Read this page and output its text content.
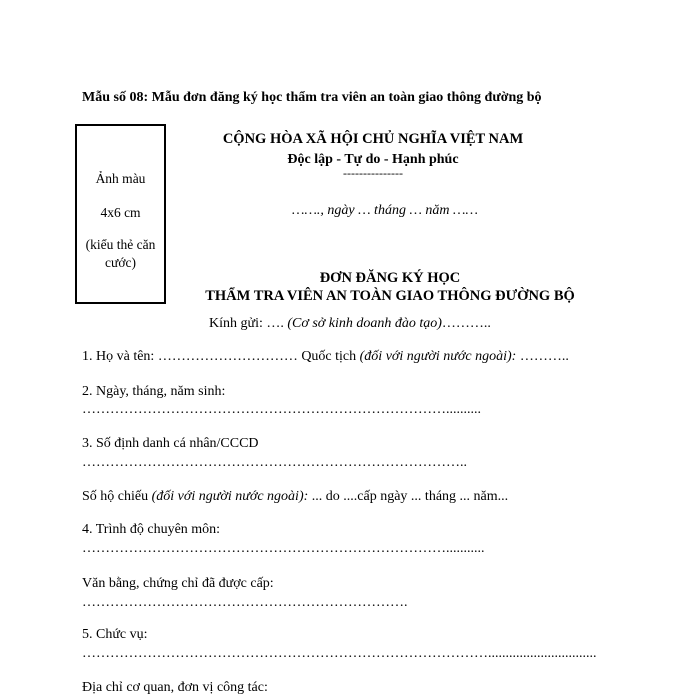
Mẫu số 08: Mẫu đơn đăng ký học thẩm tra viên an toàn giao thông đường bộ
Ảnh màu
4x6 cm
(kiểu thẻ căn cước)
CỘNG HÒA XÃ HỘI CHỦ NGHĨA VIỆT NAM
Độc lập - Tự do - Hạnh phúc
---------------
……., ngày … tháng … năm ……
ĐƠN ĐĂNG KÝ HỌC
THẨM TRA VIÊN AN TOÀN GIAO THÔNG ĐƯỜNG BỘ
Kính gửi: …. (Cơ sở kinh doanh đào tạo)………..
1. Họ và tên: ………………………… Quốc tịch (đối với người nước ngoài): ………..
2. Ngày, tháng, năm sinh:
……………………………………………………………………..........
3. Số định danh cá nhân/CCCD
………………………………………………………………………..
Số hộ chiếu (đối với người nước ngoài): ... do ....cấp ngày ... tháng ... năm...
4. Trình độ chuyên môn:
……………………………………………………………………...........
Văn bằng, chứng chỉ đã được cấp:
…………………………………………………………….
5. Chức vụ:
……………………………………………………………………………...............................
Địa chỉ cơ quan, đơn vị công tác:
